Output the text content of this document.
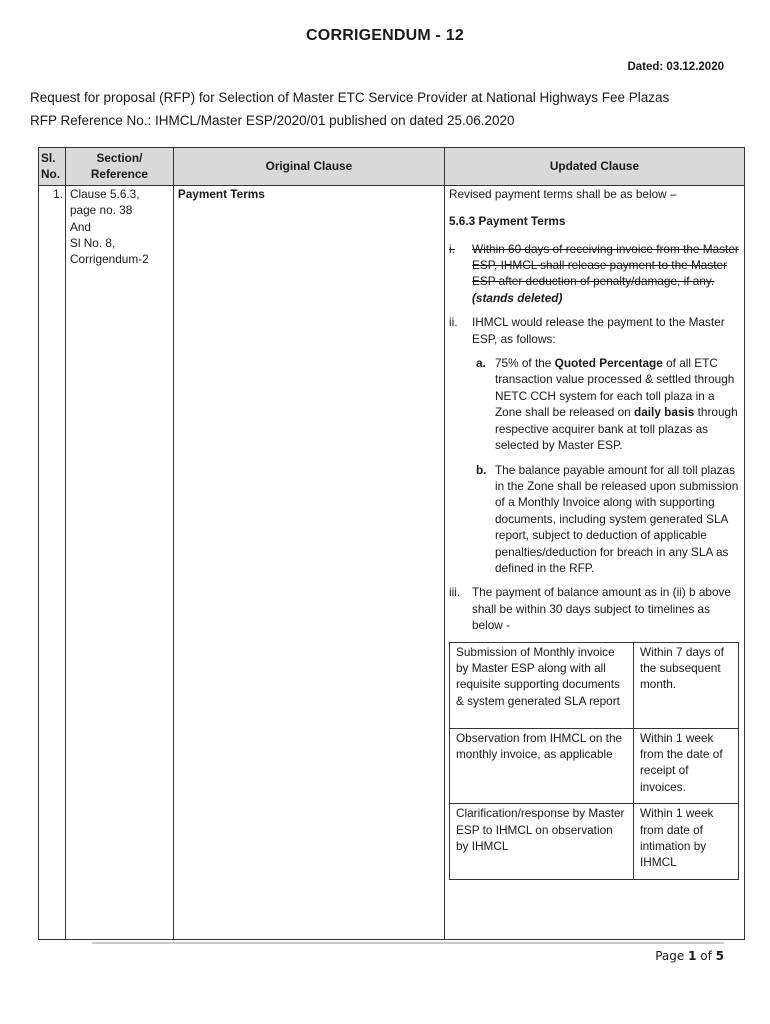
CORRIGENDUM - 12
Dated: 03.12.2020
Request for proposal (RFP) for Selection of Master ETC Service Provider at National Highways Fee Plazas
RFP Reference No.: IHMCL/Master ESP/2020/01 published on dated 25.06.2020
Sl. No.	Section/ Reference	Original Clause	Updated Clause
1.	Clause 5.6.3,
page no. 38
And
Sl No. 8,
Corrigendum-2
	Payment Terms	Revised payment terms shall be as below –

5.6.3 Payment Terms

i.	Within 60 days of receiving invoice from the Master ESP, IHMCL shall release payment to the Master ESP after deduction of penalty/damage, if any. (stands deleted)
ii.	IHMCL would release the payment to the Master ESP, as follows:
a. 75% of the Quoted Percentage of all ETC transaction value processed & settled through NETC CCH system for each toll plaza in a Zone shall be released on daily basis through respective acquirer bank at toll plazas as selected by Master ESP.
b. The balance payable amount for all toll plazas in the Zone shall be released upon submission of a Monthly Invoice along with supporting documents, including system generated SLA report, subject to deduction of applicable penalties/deduction for breach in any SLA as defined in the RFP.
iii.	The payment of balance amount as in (ii) b above shall be within 30 days subject to timelines as below -
Submission of Monthly invoice by Master ESP along with all requisite supporting documents & system generated SLA report	Within 7 days of the subsequent month.
Observation from IHMCL on the monthly invoice, as applicable	Within 1 week from the date of receipt of invoices.
Clarification/response by Master ESP to IHMCL on observation by IHMCL	Within 1 week from date of intimation by IHMCL
Page 1 of 5
